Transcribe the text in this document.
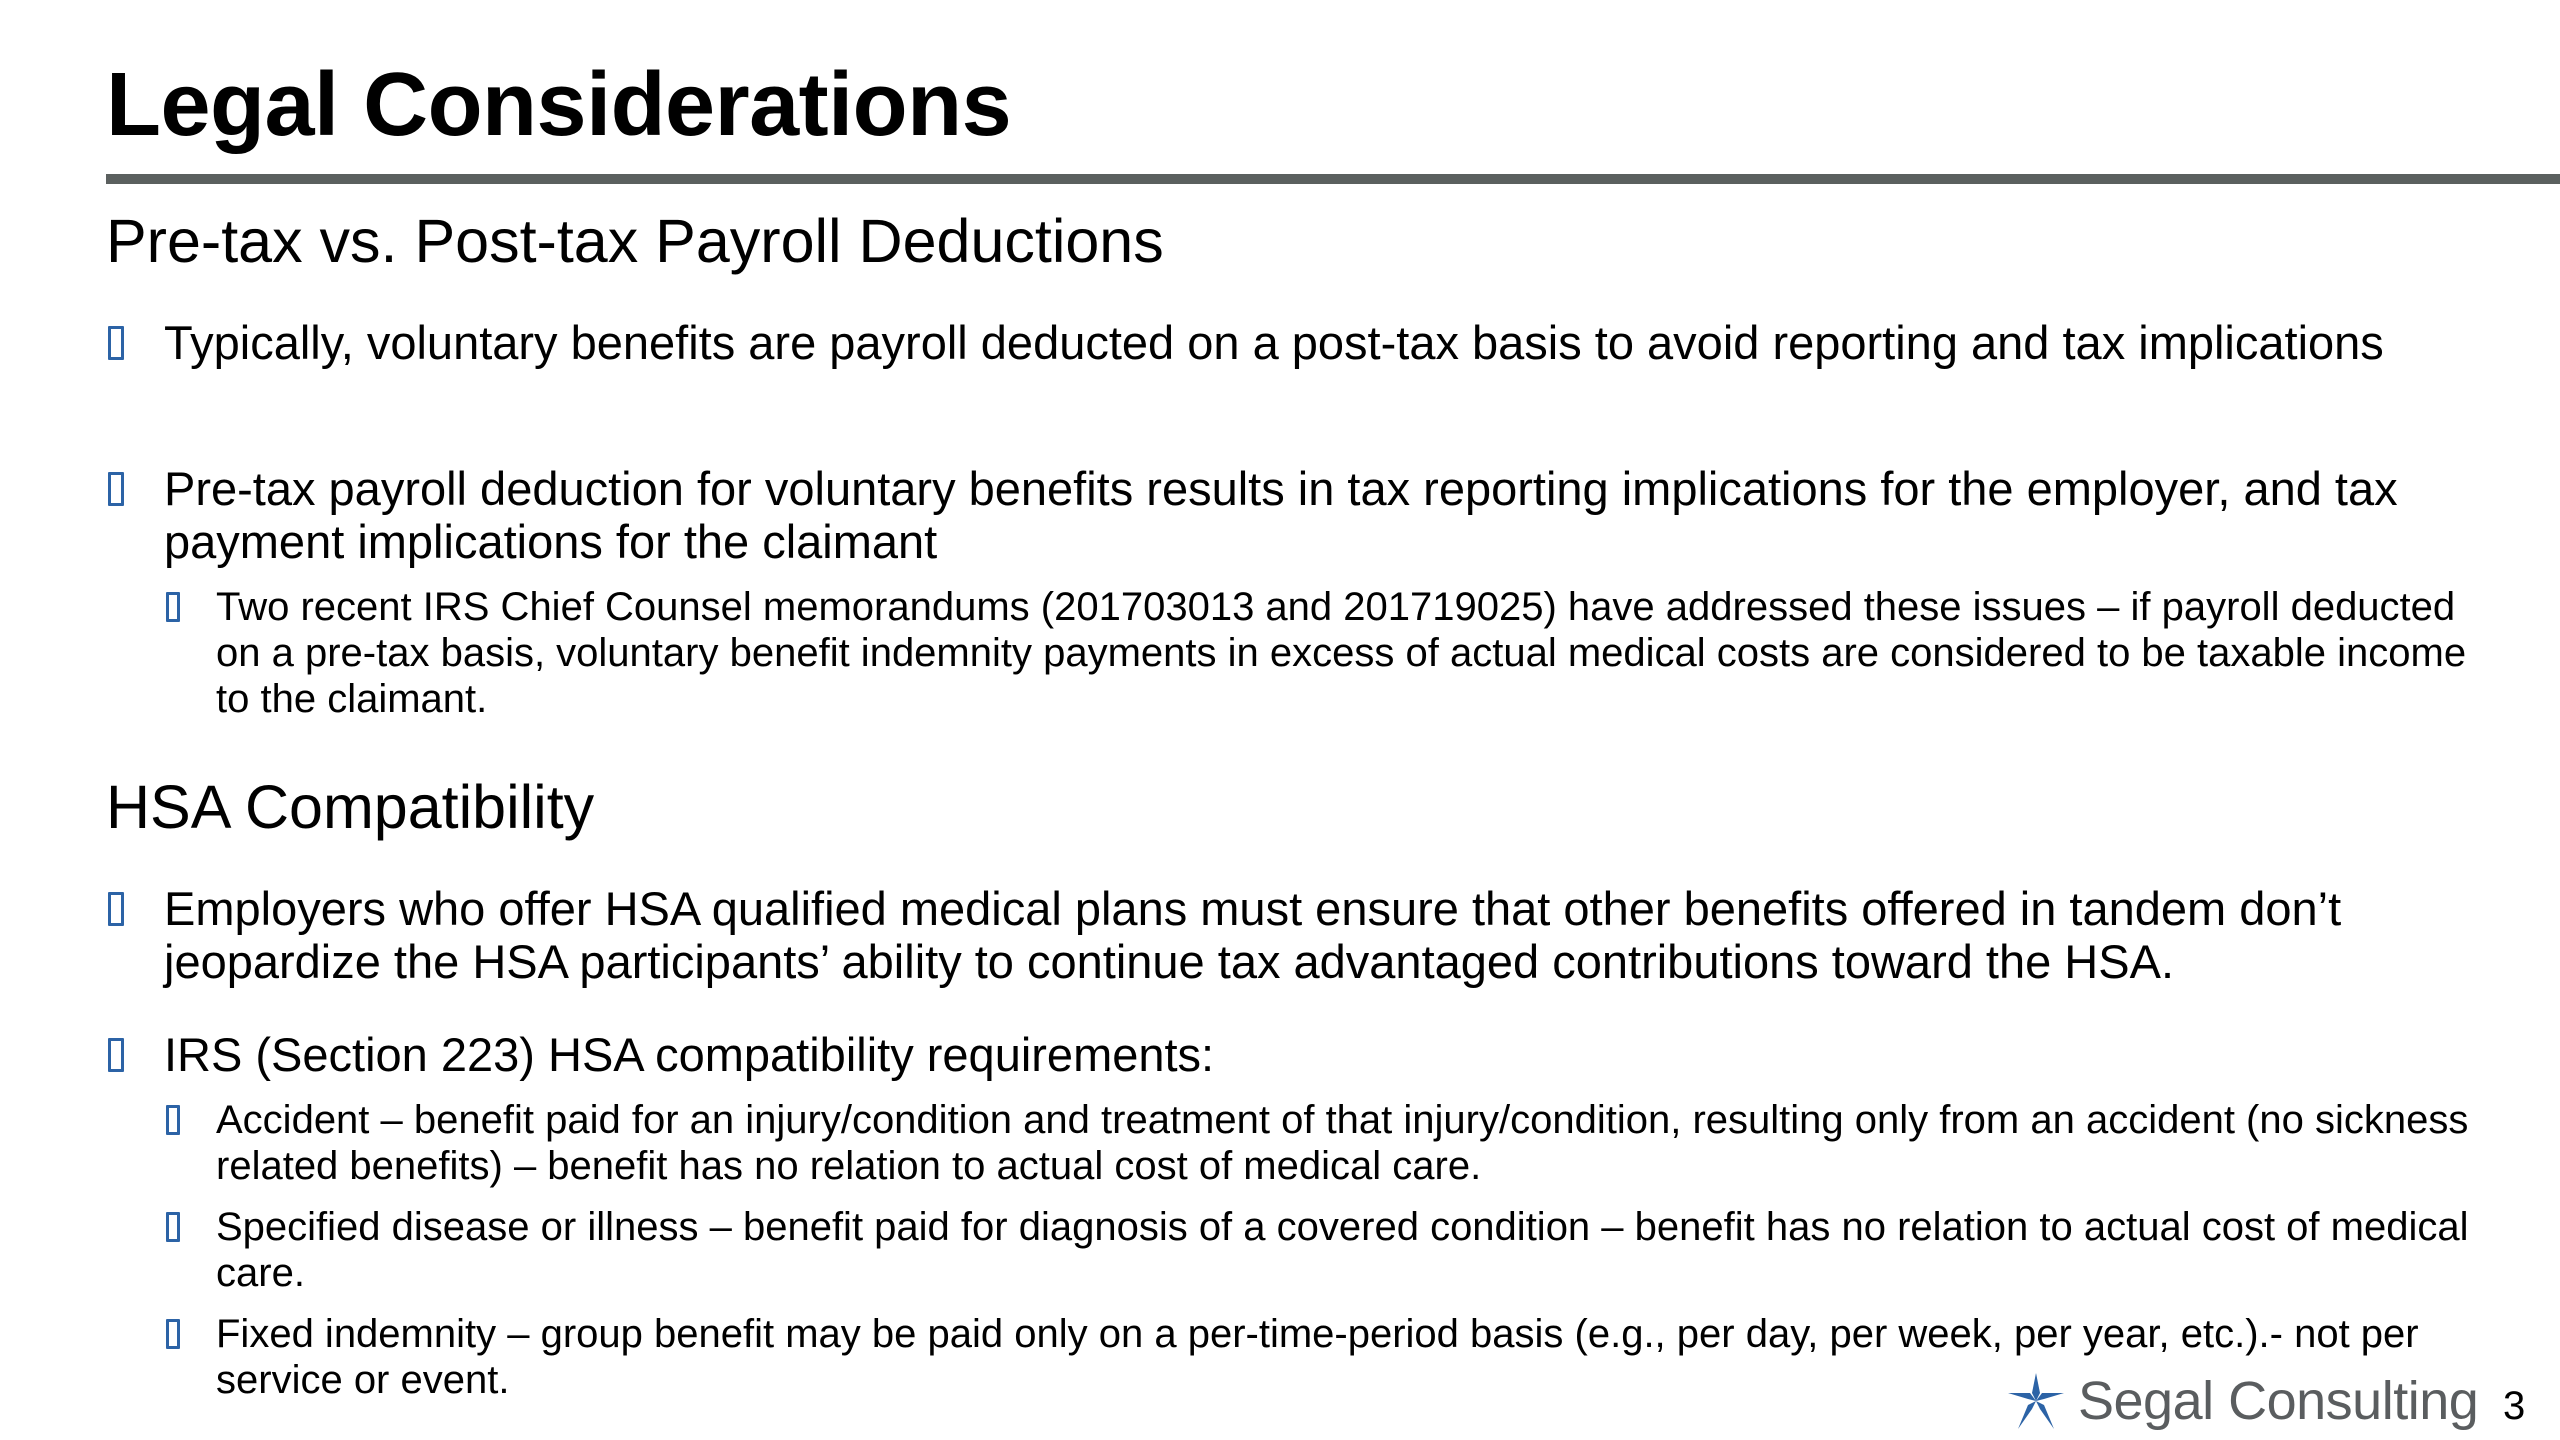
Legal Considerations
Pre-tax vs. Post-tax Payroll Deductions
Typically, voluntary benefits are payroll deducted on a post-tax basis to avoid reporting and tax implications
Pre-tax payroll deduction for voluntary benefits results in tax reporting implications for the employer, and tax payment implications for the claimant
Two recent IRS Chief Counsel memorandums (201703013 and 201719025) have addressed these issues – if payroll deducted on a pre-tax basis, voluntary benefit indemnity payments in excess of actual medical costs are considered to be taxable income to the claimant.
HSA Compatibility
Employers who offer HSA qualified medical plans must ensure that other benefits offered in tandem don’t jeopardize the HSA participants’ ability to continue tax advantaged contributions toward the HSA.
IRS (Section 223) HSA compatibility requirements:
Accident – benefit paid for an injury/condition and treatment of that injury/condition, resulting only from an accident (no sickness related benefits) – benefit has no relation to actual cost of medical care.
Specified disease or illness – benefit paid for diagnosis of a covered condition – benefit has no relation to actual cost of medical care.
Fixed indemnity – group benefit may be paid only on a per-time-period basis (e.g., per day, per week, per year, etc.).- not per service or event.	Segal Consulting 3
